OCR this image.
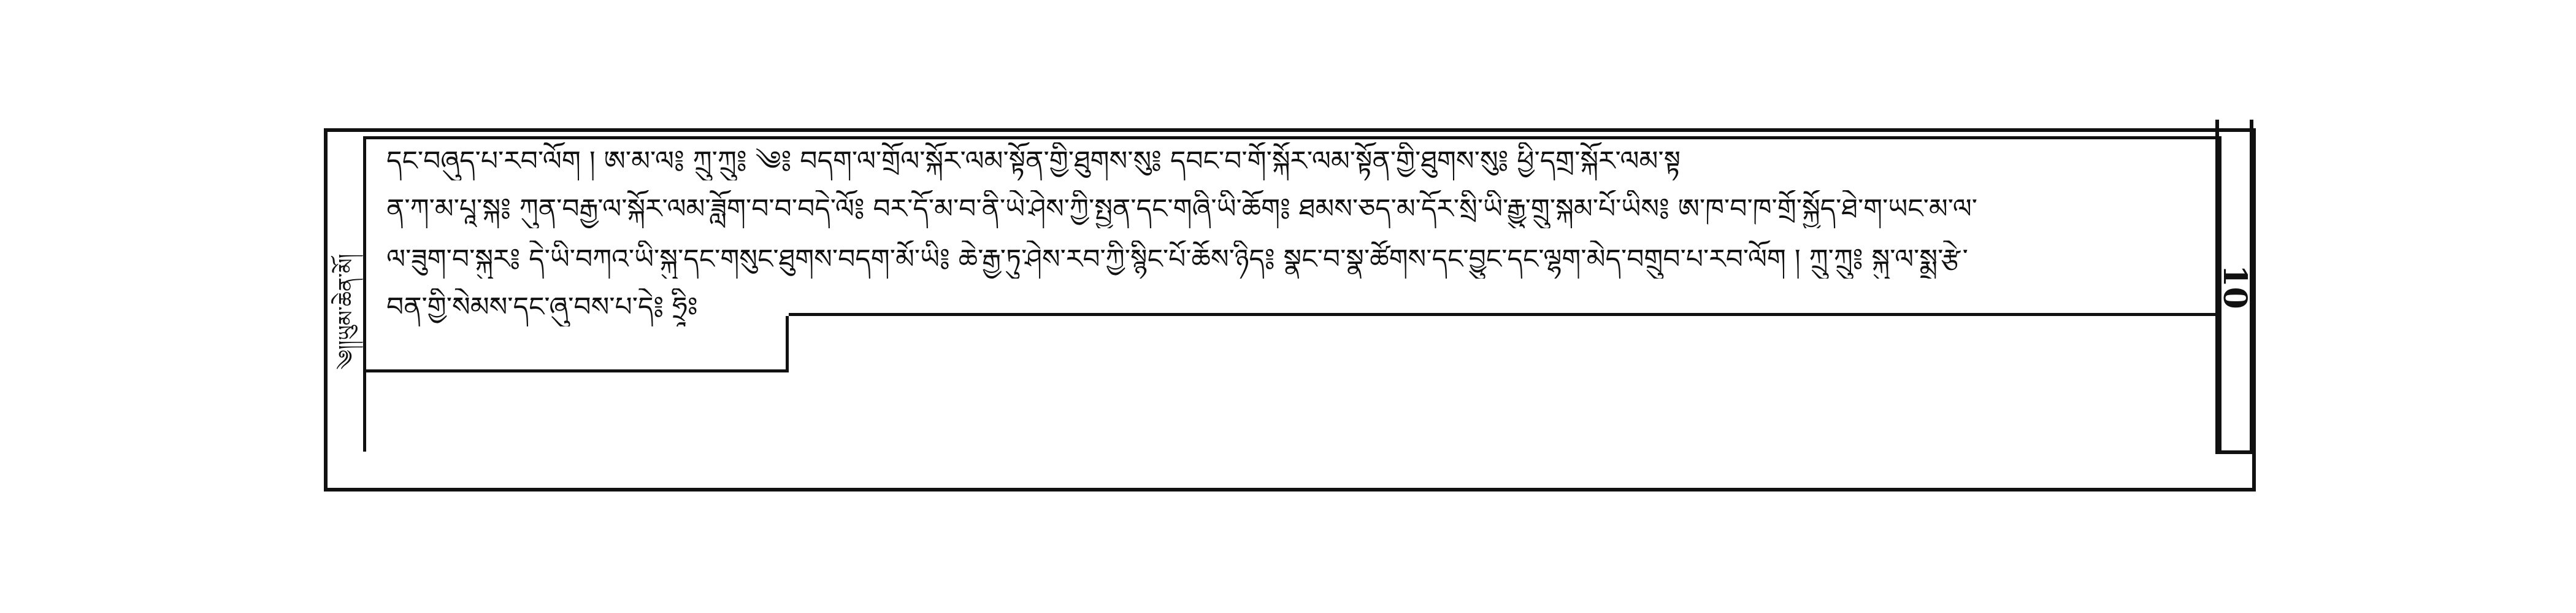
༄།།ཡུམ་ཆེན་མོ།	10
དང་བཞུད་པ་རབ་ལོག ། ཨ་མ་ལ༔ ཀྲུ་ཀྲུ༔ ༄༔ བདག་ལ་གྲོལ་སྐོར་ལམ་སྟོན་གྱི་ཐུགས་སུ༔ དབང་བ་གོ་སྐོར་ལམ་སྟོན་གྱི་ཐུགས་སུ༔ ཕྱི་དགྲ་སྐོར་ལམ་སྟ
ན་ཀ་མ་པཱ་སྐ༔ ཀུན་བརྒྱ་ལ་སྐོར་ལམ་ཟློག་བ་བ་བདེ་ལོ༔ བར་དོ་མ་བ་ནི་ཡེ་ཤེས་ཀྱི་སྤྱན་དང་གཞི་ཡི་ཆོག༔ ཐམས་ཅད་མ་དོར་སྲི་ཡི་རྒྱུ་གྲུ་སྐམ་པོ་ཡིས༔ ཨ་ཁ་བ་ཁ་གྲོ་སྐྱོད་ཐེ་ག་ཡང་མ་ལ་
ལ་ཟུག་བ་སྐུར༔ དེ་ཡི་བཀའ་ཡི་སྐུ་དང་གསུང་ཐུགས་བདག་མོ་ཡི༔ ཆེ་རྒྱ་ཏུ་ཤེས་རབ་ཀྱི་སྙིང་པོ་ཆོས་ཉིད༔ སྣང་བ་སྣ་ཚོགས་དང་བྱུང་དང་ལྷག་མེད་བགྲུབ་པ་རབ་ལོག ། ཀྲུ་ཀྲུ༔ སྐུ་ལ་སྨྲ་རྩེ་
བན་གྱི་སེམས་དང་ཞུ་བས་པ་དེ༔ ཧྲཱིཿ
